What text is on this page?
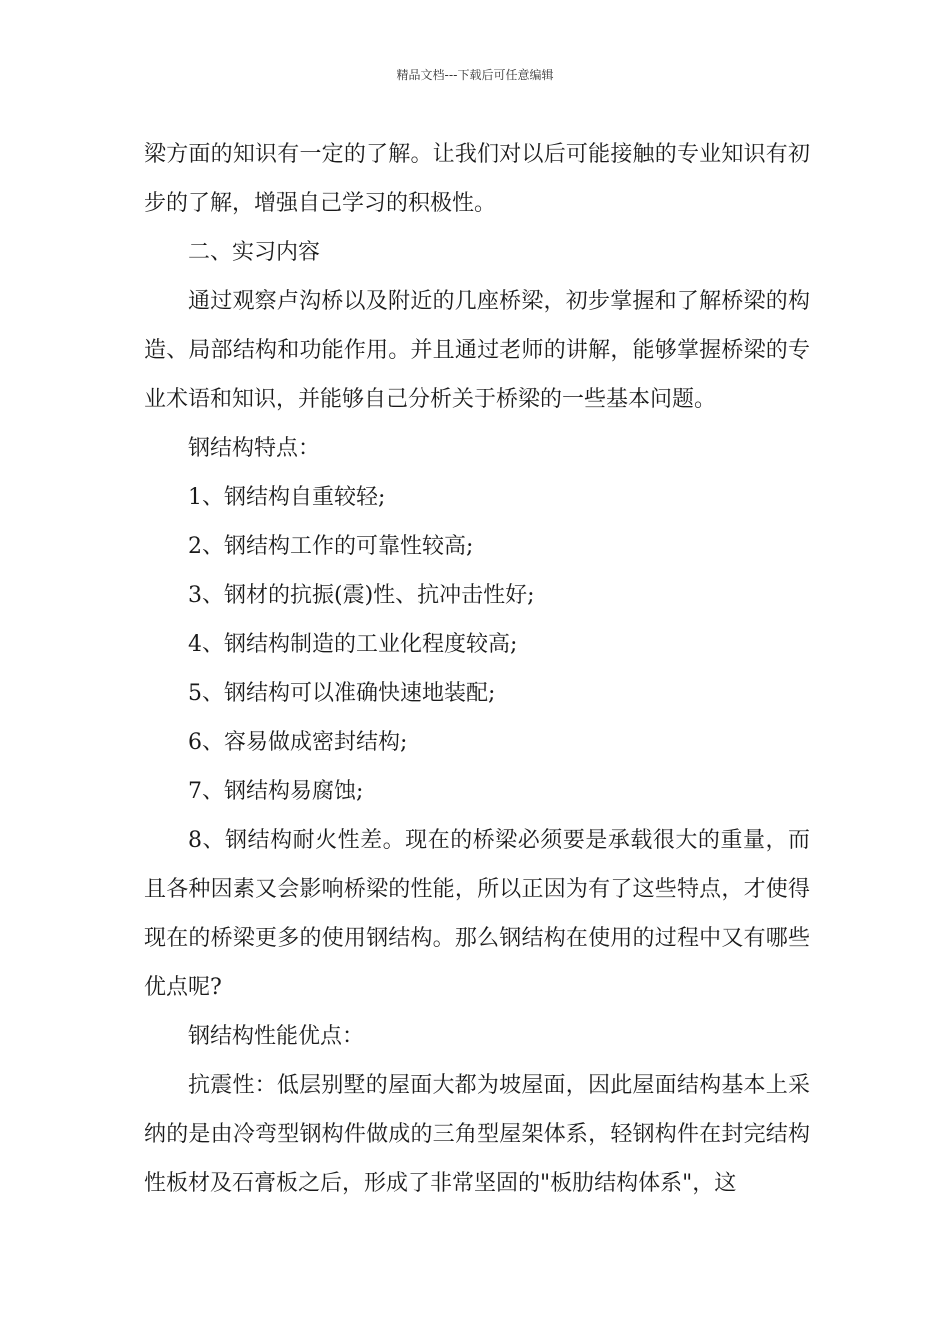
精品文档---下载后可任意编辑

梁方面的知识有一定的了解。让我们对以后可能接触的专业知识有初步的了解，增强自己学习的积极性。

二、实习内容

通过观察卢沟桥以及附近的几座桥梁，初步掌握和了解桥梁的构造、局部结构和功能作用。并且通过老师的讲解，能够掌握桥梁的专业术语和知识，并能够自己分析关于桥梁的一些基本问题。

钢结构特点：

1、钢结构自重较轻;

2、钢结构工作的可靠性较高;

3、钢材的抗振(震)性、抗冲击性好;

4、钢结构制造的工业化程度较高;

5、钢结构可以准确快速地装配;

6、容易做成密封结构;

7、钢结构易腐蚀;

8、钢结构耐火性差。现在的桥梁必须要是承载很大的重量，而且各种因素又会影响桥梁的性能，所以正因为有了这些特点，才使得现在的桥梁更多的使用钢结构。那么钢结构在使用的过程中又有哪些优点呢?

钢结构性能优点：

抗震性：低层别墅的屋面大都为坡屋面，因此屋面结构基本上采纳的是由冷弯型钢构件做成的三角型屋架体系，轻钢构件在封完结构性板材及石膏板之后，形成了非常坚固的"板肋结构体系"，这
